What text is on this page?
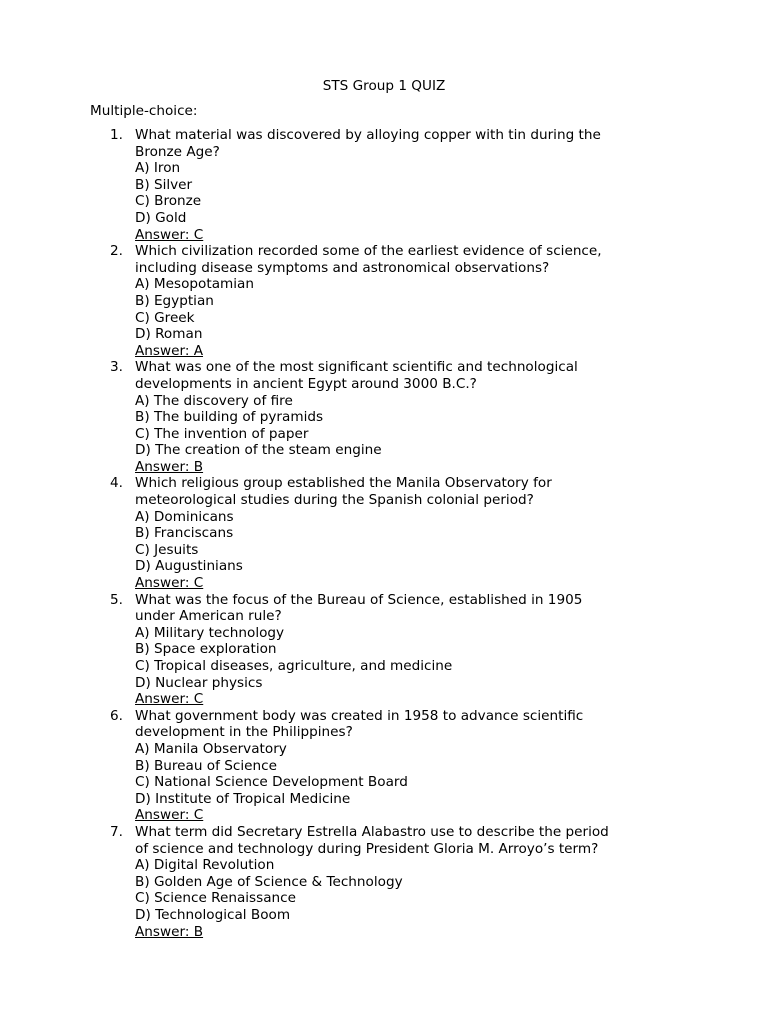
STS Group 1 QUIZ
Multiple-choice:
1. What material was discovered by alloying copper with tin during the
Bronze Age?
A) Iron
B) Silver
C) Bronze
D) Gold
Answer: C
2. Which civilization recorded some of the earliest evidence of science,
including disease symptoms and astronomical observations?
A) Mesopotamian
B) Egyptian
C) Greek
D) Roman
Answer: A
3. What was one of the most significant scientific and technological
developments in ancient Egypt around 3000 B.C.?
A) The discovery of fire
B) The building of pyramids
C) The invention of paper
D) The creation of the steam engine
Answer: B
4. Which religious group established the Manila Observatory for
meteorological studies during the Spanish colonial period?
A) Dominicans
B) Franciscans
C) Jesuits
D) Augustinians
Answer: C
5. What was the focus of the Bureau of Science, established in 1905
under American rule?
A) Military technology
B) Space exploration
C) Tropical diseases, agriculture, and medicine
D) Nuclear physics
Answer: C
6. What government body was created in 1958 to advance scientific
development in the Philippines?
A) Manila Observatory
B) Bureau of Science
C) National Science Development Board
D) Institute of Tropical Medicine
Answer: C
7. What term did Secretary Estrella Alabastro use to describe the period
of science and technology during President Gloria M. Arroyo’s term?
A) Digital Revolution
B) Golden Age of Science & Technology
C) Science Renaissance
D) Technological Boom
Answer: B
